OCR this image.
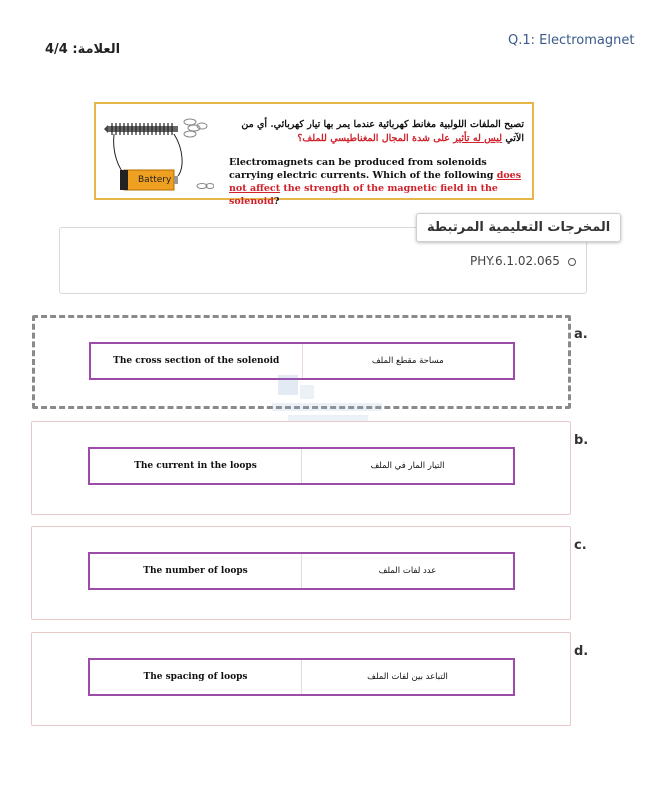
Q.1: Electromagnet
العلامة: 4/4
Battery
تصبح الملفات اللولبية مغانط كهربائية عندما يمر بها تيار كهربائي. أي من الآتي ليس له تأثير على شدة المجال المغناطيسي للملف؟
Electromagnets can be produced from solenoids carrying electric currents. Which of the following does not affect the strength of the magnetic field in the solenoid?
المخرجات التعليمية المرتبطة
PHY.6.1.02.065
a.
The cross section of the solenoid	مساحة مقطع الملف
b.
The current in the loops	التيار المار في الملف
c.
The number of loops	عدد لفات الملف
d.
The spacing of loops	التباعد بين لفات الملف
